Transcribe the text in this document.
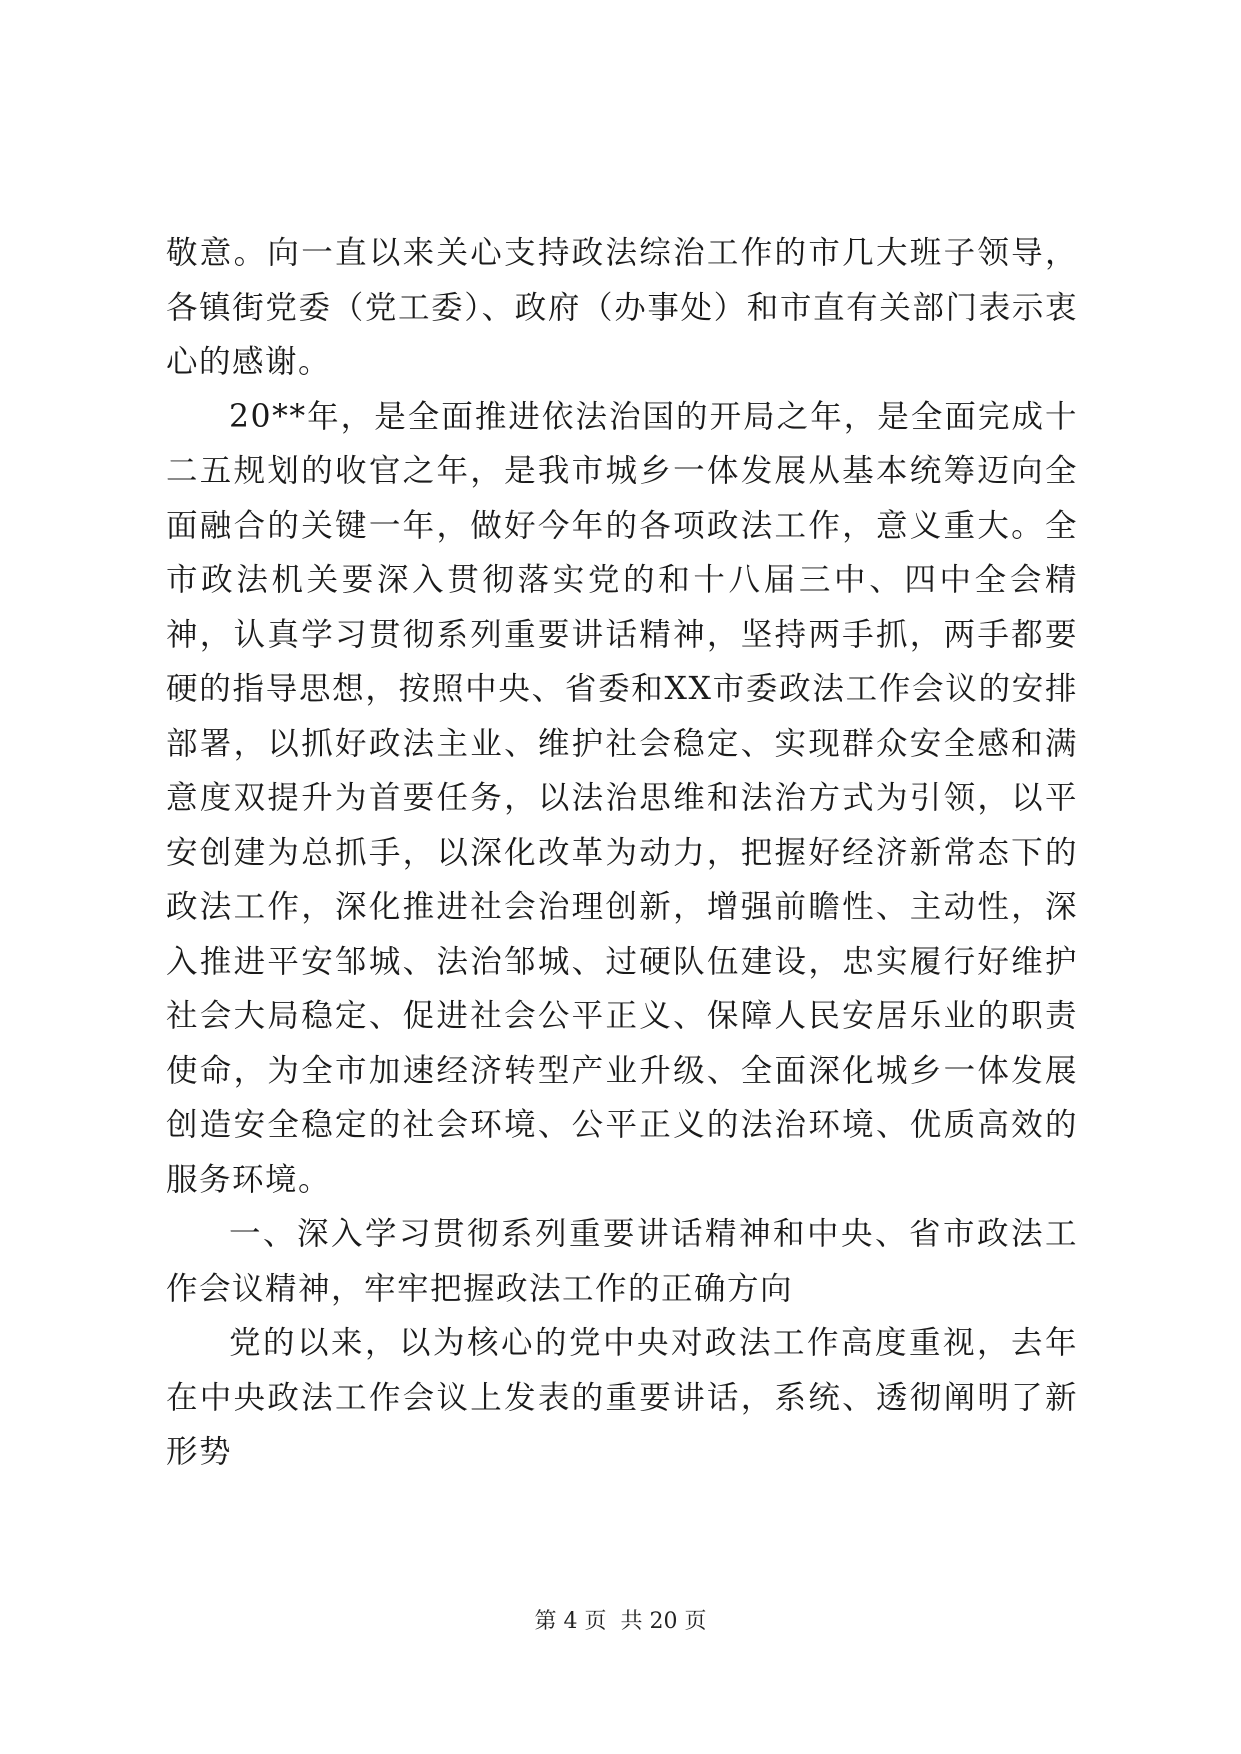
敬意。向一直以来关心支持政法综治工作的市几大班子领导，各镇街党委（党工委）、政府（办事处）和市直有关部门表示衷心的感谢。

20**年，是全面推进依法治国的开局之年，是全面完成十二五规划的收官之年，是我市城乡一体发展从基本统筹迈向全面融合的关键一年，做好今年的各项政法工作，意义重大。全市政法机关要深入贯彻落实党的和十八届三中、四中全会精神，认真学习贯彻系列重要讲话精神，坚持两手抓，两手都要硬的指导思想，按照中央、省委和XX市委政法工作会议的安排部署，以抓好政法主业、维护社会稳定、实现群众安全感和满意度双提升为首要任务，以法治思维和法治方式为引领，以平安创建为总抓手，以深化改革为动力，把握好经济新常态下的政法工作，深化推进社会治理创新，增强前瞻性、主动性，深入推进平安邹城、法治邹城、过硬队伍建设，忠实履行好维护社会大局稳定、促进社会公平正义、保障人民安居乐业的职责使命，为全市加速经济转型产业升级、全面深化城乡一体发展创造安全稳定的社会环境、公平正义的法治环境、优质高效的服务环境。

一、深入学习贯彻系列重要讲话精神和中央、省市政法工作会议精神，牢牢把握政法工作的正确方向

党的以来，以为核心的党中央对政法工作高度重视，去年在中央政法工作会议上发表的重要讲话，系统、透彻阐明了新形势

第 4 页  共 20 页
